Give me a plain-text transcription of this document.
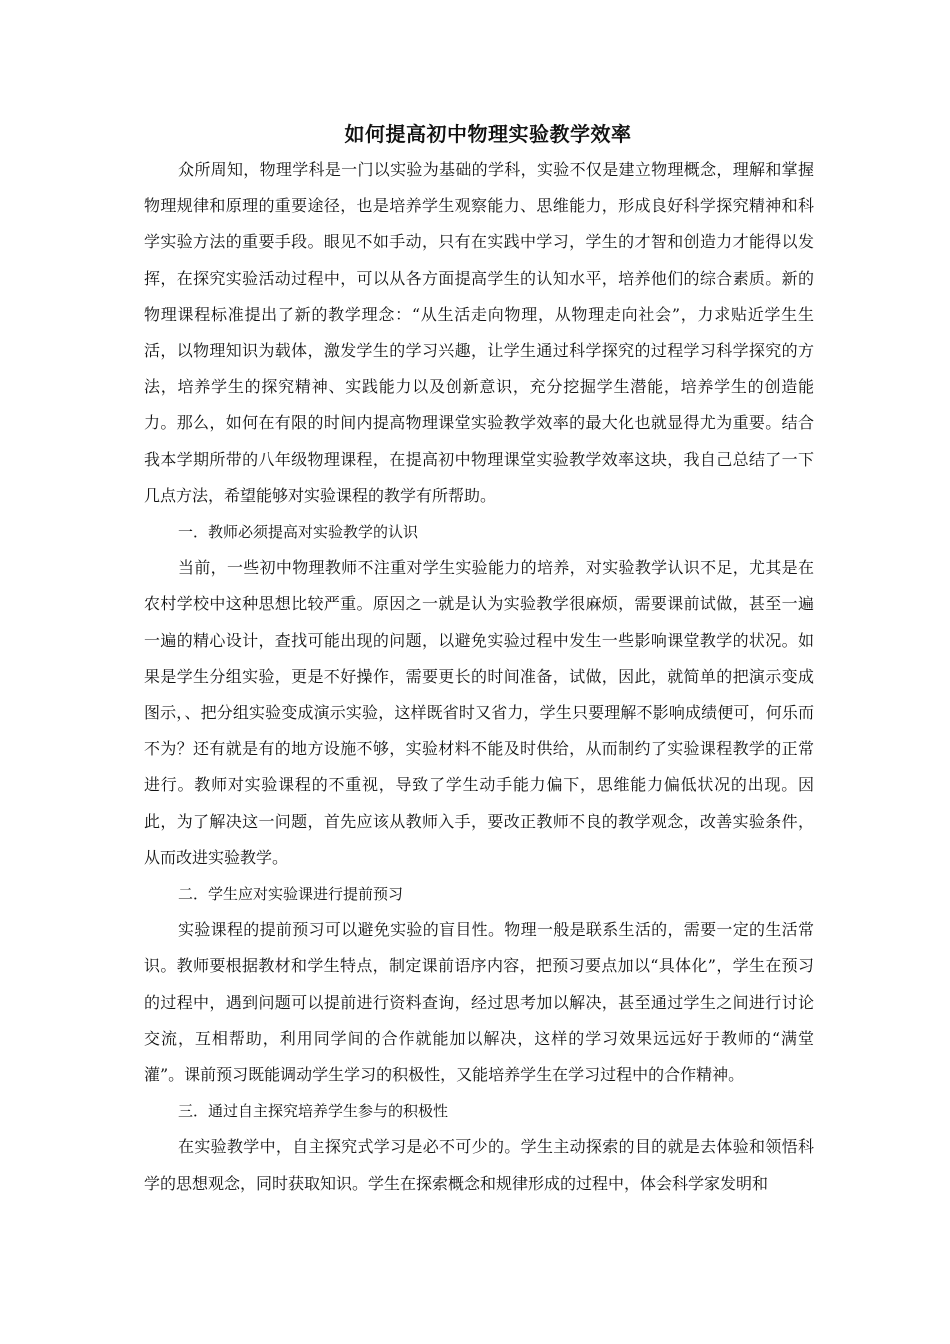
如何提高初中物理实验教学效率

众所周知，物理学科是一门以实验为基础的学科，实验不仅是建立物理概念，理解和掌握物理规律和原理的重要途径，也是培养学生观察能力、思维能力，形成良好科学探究精神和科学实验方法的重要手段。眼见不如手动，只有在实践中学习，学生的才智和创造力才能得以发挥，在探究实验活动过程中，可以从各方面提高学生的认知水平，培养他们的综合素质。新的物理课程标准提出了新的教学理念：“从生活走向物理，从物理走向社会”，力求贴近学生生活，以物理知识为载体，激发学生的学习兴趣，让学生通过科学探究的过程学习科学探究的方法，培养学生的探究精神、实践能力以及创新意识，充分挖掘学生潜能，培养学生的创造能力。那么，如何在有限的时间内提高物理课堂实验教学效率的最大化也就显得尤为重要。结合我本学期所带的八年级物理课程，在提高初中物理课堂实验教学效率这块，我自己总结了一下几点方法，希望能够对实验课程的教学有所帮助。

一．教师必须提高对实验教学的认识

当前，一些初中物理教师不注重对学生实验能力的培养，对实验教学认识不足，尤其是在农村学校中这种思想比较严重。原因之一就是认为实验教学很麻烦，需要课前试做，甚至一遍一遍的精心设计，查找可能出现的问题，以避免实验过程中发生一些影响课堂教学的状况。如果是学生分组实验，更是不好操作，需要更长的时间准备，试做，因此，就简单的把演示变成图示，、把分组实验变成演示实验，这样既省时又省力，学生只要理解不影响成绩便可，何乐而不为？还有就是有的地方设施不够，实验材料不能及时供给，从而制约了实验课程教学的正常进行。教师对实验课程的不重视，导致了学生动手能力偏下，思维能力偏低状况的出现。因此，为了解决这一问题，首先应该从教师入手，要改正教师不良的教学观念，改善实验条件，从而改进实验教学。

二．学生应对实验课进行提前预习

实验课程的提前预习可以避免实验的盲目性。物理一般是联系生活的，需要一定的生活常识。教师要根据教材和学生特点，制定课前语序内容，把预习要点加以“具体化”，学生在预习的过程中，遇到问题可以提前进行资料查询，经过思考加以解决，甚至通过学生之间进行讨论交流，互相帮助，利用同学间的合作就能加以解决，这样的学习效果远远好于教师的“满堂灌”。课前预习既能调动学生学习的积极性，又能培养学生在学习过程中的合作精神。

三．通过自主探究培养学生参与的积极性

在实验教学中，自主探究式学习是必不可少的。学生主动探索的目的就是去体验和领悟科学的思想观念，同时获取知识。学生在探索概念和规律形成的过程中，体会科学家发明和
